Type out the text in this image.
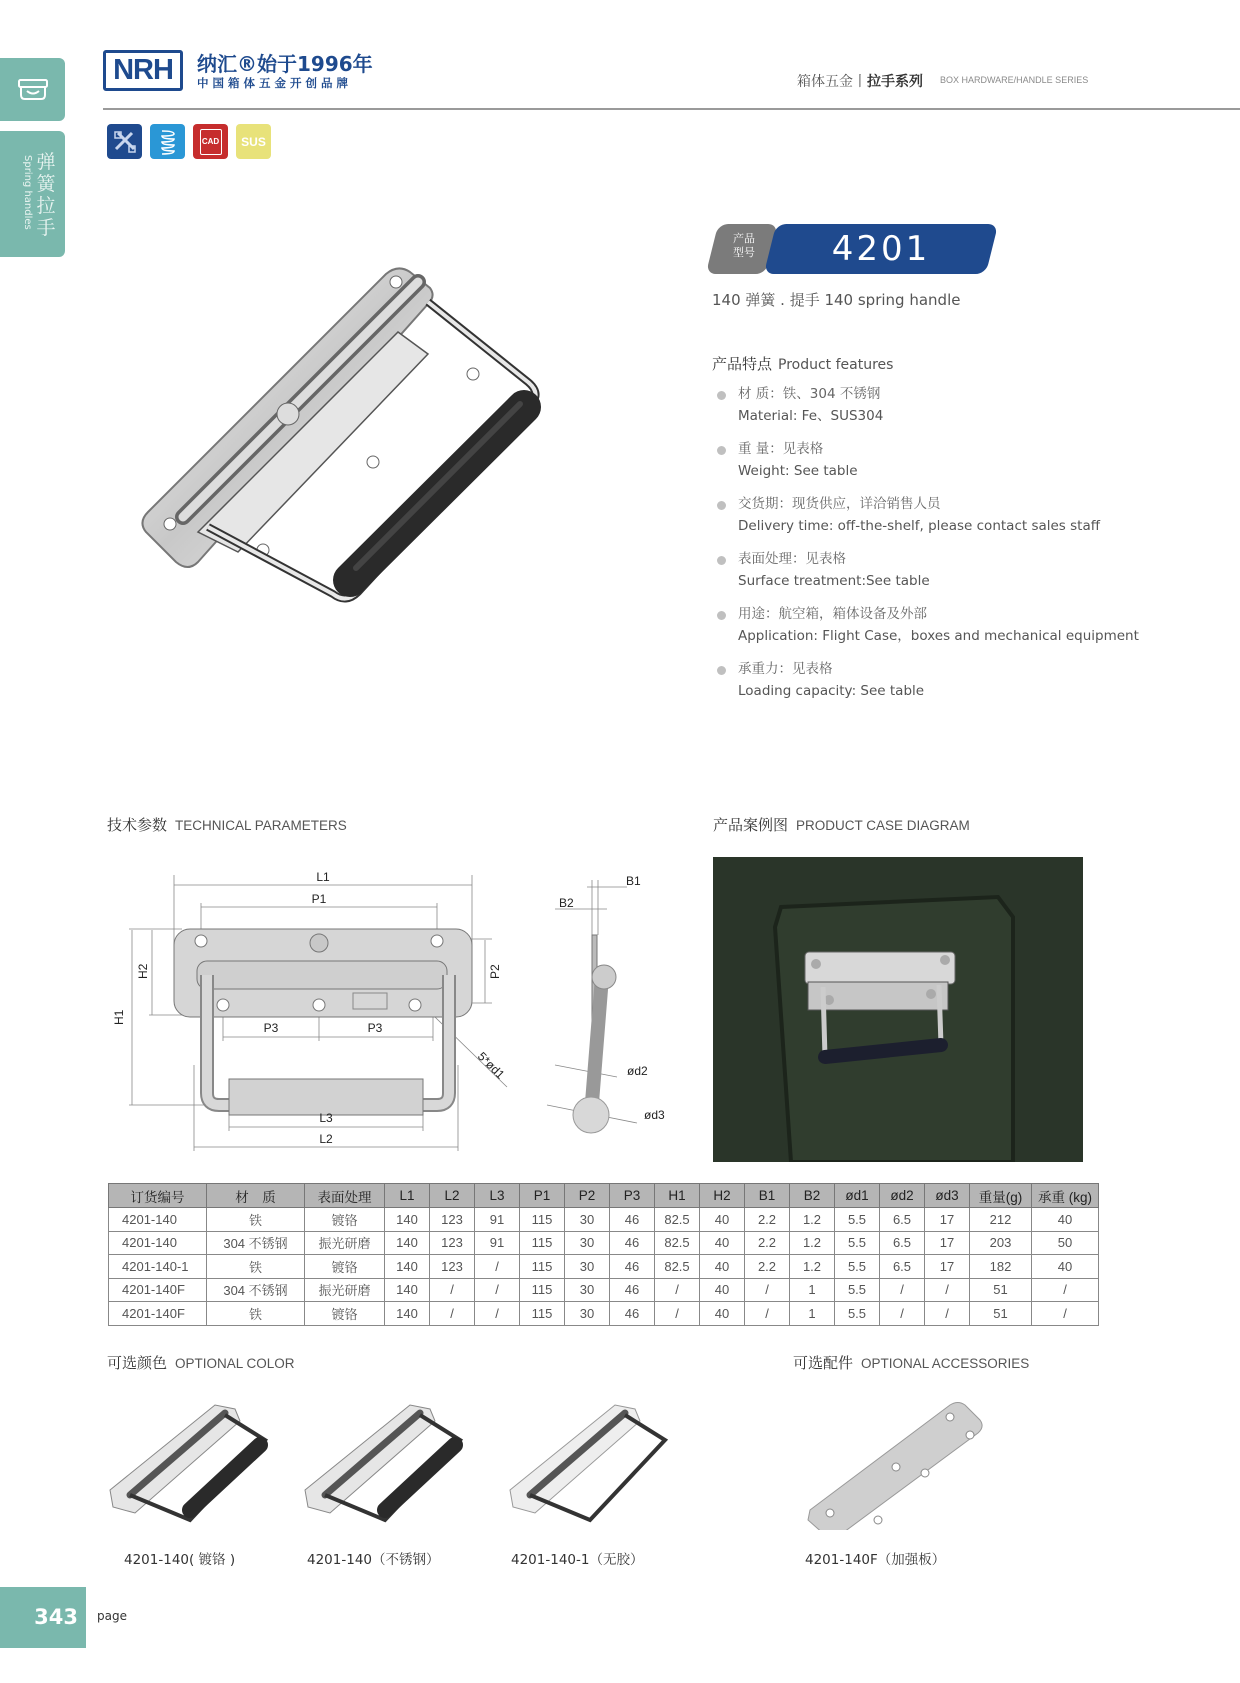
Spring handles 弹簧拉手
NRH	纳汇®始于1996年
中国箱体五金开创品牌	箱体五金丨拉手系列 BOX HARDWARE/HANDLE SERIES
CAD	SUS
产品
型号	4201
140 弹簧 . 提手 140 spring handle
产品特点 Product features
材 质：铁、304 不锈钢
Material: Fe、SUS304
重 量：见表格
Weight: See table
交货期：现货供应，详洽销售人员
Delivery time: off-the-shelf, please contact sales staff
表面处理：见表格
Surface treatment:See table
用途：航空箱，箱体设备及外部
Application: Flight Case，boxes and mechanical equipment
承重力：见表格
Loading capacity: See table
技术参数 TECHNICAL PARAMETERS	产品案例图 PRODUCT CASE DIAGRAM
L1
P1
P3	P3
L3
L2
H1
H2	P2
5*ød1
B1
B2
ød2
ød3
订货编号	材　质	表面处理	L1	L2	L3	P1	P2	P3	H1	H2	B1	B2	ød1	ød2	ød3	重量(g)	承重 (kg)
4201-140	铁	镀铬	140	123	91	115	30	46	82.5	40	2.2	1.2	5.5	6.5	17	212	40
4201-140	304 不锈钢	振光研磨	140	123	91	115	30	46	82.5	40	2.2	1.2	5.5	6.5	17	203	50
4201-140-1	铁	镀铬	140	123	/	115	30	46	82.5	40	2.2	1.2	5.5	6.5	17	182	40
4201-140F	304 不锈钢	振光研磨	140	/	/	115	30	46	/	40	/	1	5.5	/	/	51	/
4201-140F	铁	镀铬	140	/	/	115	30	46	/	40	/	1	5.5	/	/	51	/
可选颜色 OPTIONAL COLOR	可选配件 OPTIONAL ACCESSORIES
4201-140( 镀铬 )	4201-140（不锈钢）	4201-140-1（无胶）	4201-140F（加强板）
343	page
